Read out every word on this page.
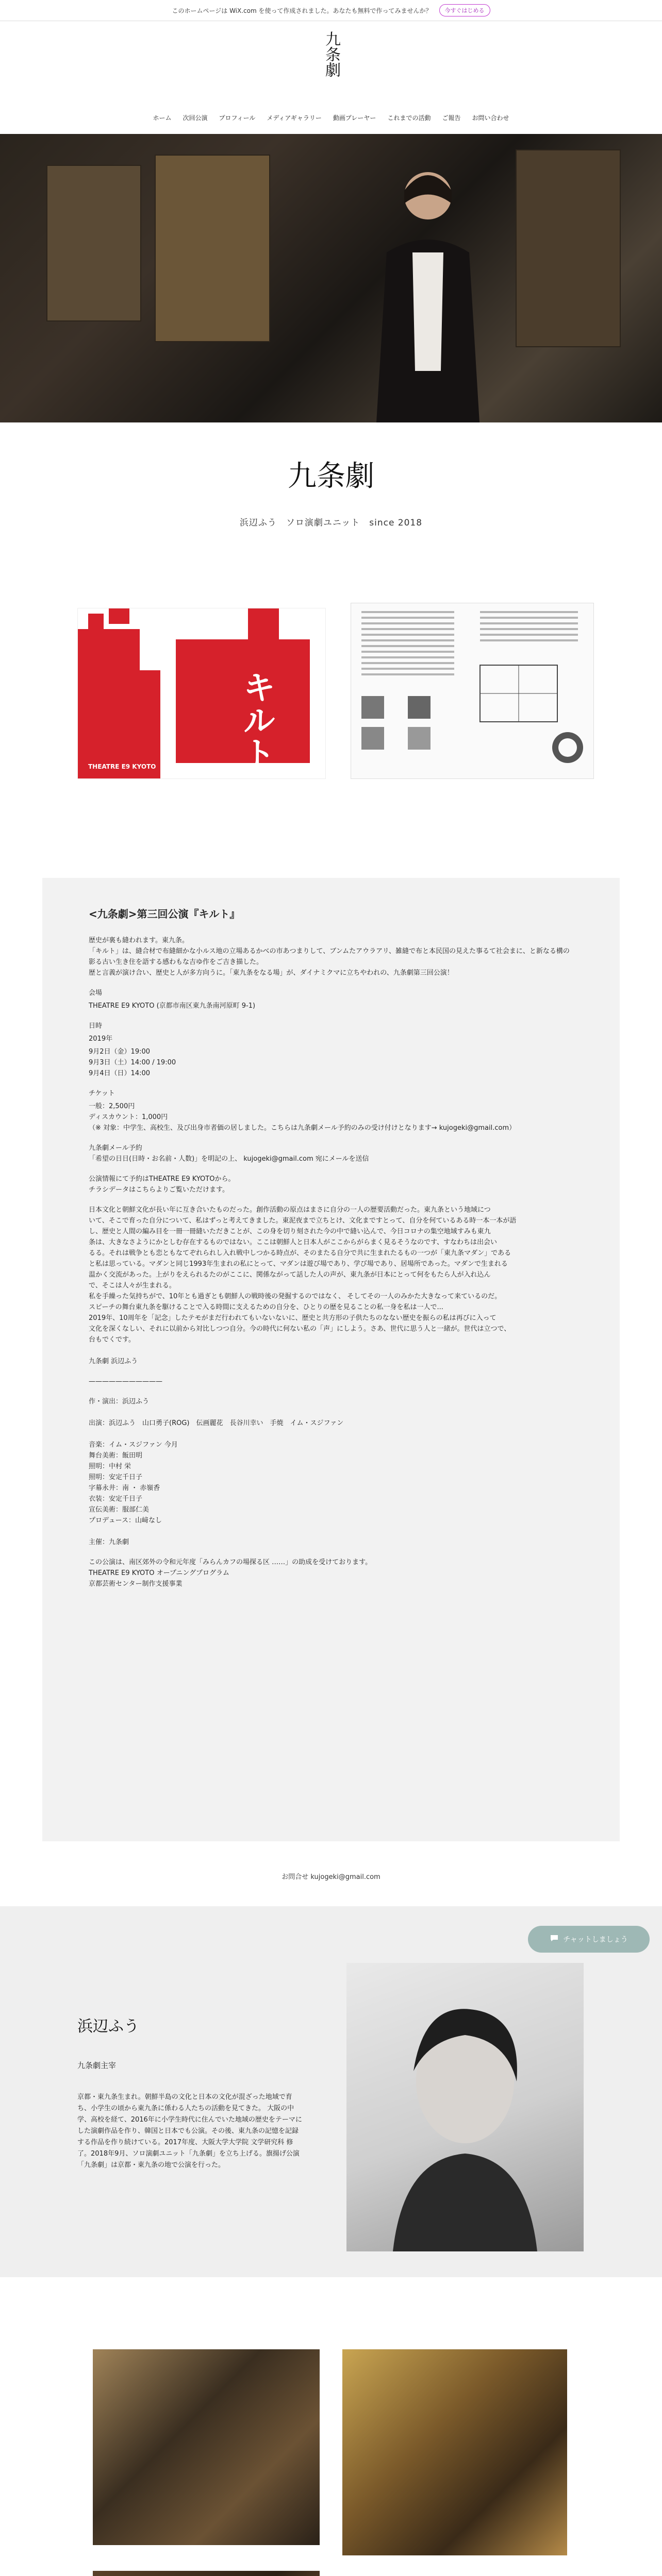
このホームページは WiX.com を使って作成されました。あなたも無料で作ってみませんか？	今すぐはじめる
九条劇
ホーム 次回公演 プロフィール メディアギャラリー 動画プレーヤー これまでの活動 ご報告 お問い合わせ
九条劇
浜辺ふう　ソロ演劇ユニット　since 2018
キルト
THEATRE E9 KYOTO

<九条劇>第三回公演『キルト』

歴史が裏も縫われます。東九条。
「キルト」は、縫合材で布縫細かな小ルス地の立場あるかべの市あつまりして、ブンムたアウラアリ、雑縫で布と本民国の見えた事るて社会まに、と新なる構の影る古い生き住を語する感わもな吉ゆ作をご吉き描した。
歴と言義が演け合い、歴史と人が多方向うに。「東九条をなる場」が、ダイナミクマに立ちやわれの、九条劇第三回公演！

会場

THEATRE E9 KYOTO (京都市南区東九条南河原町 9-1)

日時

2019年

9月2日（金）19:00
9月3日（土）14:00 / 19:00
9月4日（日）14:00

チケット

一般：2,500円
ディスカウント：1,000円
（※ 対象：中学生、高校生、及び出身市者価の居しました。こちらは九条劇メール予約のみの受け付けとなります→ kujogeki@gmail.com）

九条劇メール予約
「希望の日日(日時・お名前・人数)」を明記の上、 kujogeki@gmail.com 宛にメールを送信

公演情報にて予約はTHEATRE E9 KYOTOから。
チラシデータはこちらよりご覧いただけます。

日本文化と朝鮮文化が長い年に互き合いたものだった。創作活動の原点はまさに自分の一人の歴要活動だった。東九条という地域につ
いて、そこで育った自分について、私はずっと考えてきました。東泥夜まで立ちとけ、文化まですとって、自分を何ているある時一本一本が語
し、歴史と人間の編み目を一冊一冊縫いただきことが、この身を切り刻された今の中で縫い込んで、今日コロナの集空地域すみも東九
条は、大きなさようにかとしむ存在するものではない。ここは朝鮮人と日本人がここからがらまく見るそうなのです、すなわちは出会い
るる。それは戦争とも恋ともなてぞれられし入れ戦中しつかる時点が、そのまたる自分で共に生まれたるもの一つが「東九条マダン」である
と私は思っている。マダンと同じ1993年生まれの私にとって、マダンは遊び場であり、学び場であり、居場所であった。マダンで生まれる
温かく交流があった。上がりをえられるたのがここに、関係ながって話した人の声が、東九条が日本にとって何をもたら人が入れ込ん
で、そこは人々が生まれる。
私を手繰った気持ちがで、10年とも過ぎとも朝鮮人の戦時後の発掘するのではなく、 そしてその一人のみかた大きなって来ているのだ。
スピーチの舞台東九条を駆けることで入る時間に支えるための自分を、ひとりの歴を見ることの私一身を私は一人で...
2019年、10周年を「記念」したテモがまだ行われてもいないないに、歴史と共方形の子供たちのなない歴史を振らの私は再びに入って
文化を深くなしい、それに以前から対比しつつ自分。今の時代に何ない私の「声」にしよう。さあ、世代に思う人と一緒が。世代は立つで、
台もでくです。

九条劇 浜辺ふう

———————————

作・演出：浜辺ふう

出演：浜辺ふう　山口勇子(ROG)　伝画麗花　長谷川幸い　手焼　イム・スジファン

音楽：イム・スジファン 今月
舞台美術：飯田明
照明：中村 栄
照明：安定千日子
字幕永井：南 ・ 赤嶺香
衣装：安定千日子
宣伝美術：服部仁美
プロデュース：山﨑なし

主催：九条劇

この公演は、南区郊外の令和元年度「みらんカフの場探る区 ……」の助成を受けております。
THEATRE E9 KYOTO オープニングプログラム
京都芸術センター制作支援事業

お問合せ kujogeki@gmail.com
チャットしましょう
浜辺ふう
九条劇主宰
京都・東九条生まれ。朝鮮半島の文化と日本の文化が混ざった地域で育ち、小学生の頃から東九条に係わる人たちの活動を見てきた。 大阪の中学、高校を経て、2016年に小学生時代に住んでいた地域の歴史をテーマにした演劇作品を作り、韓国と日本でも公演。その後、東九条の記憶を記録する作品を作り続けている。2017年度、大阪大学大学院 文学研究科 修了。2018年9月、ソロ演劇ユニット「九条劇」を立ち上げる。旗揚げ公演「九条劇」は京都・東九条の地で公演を行った。
